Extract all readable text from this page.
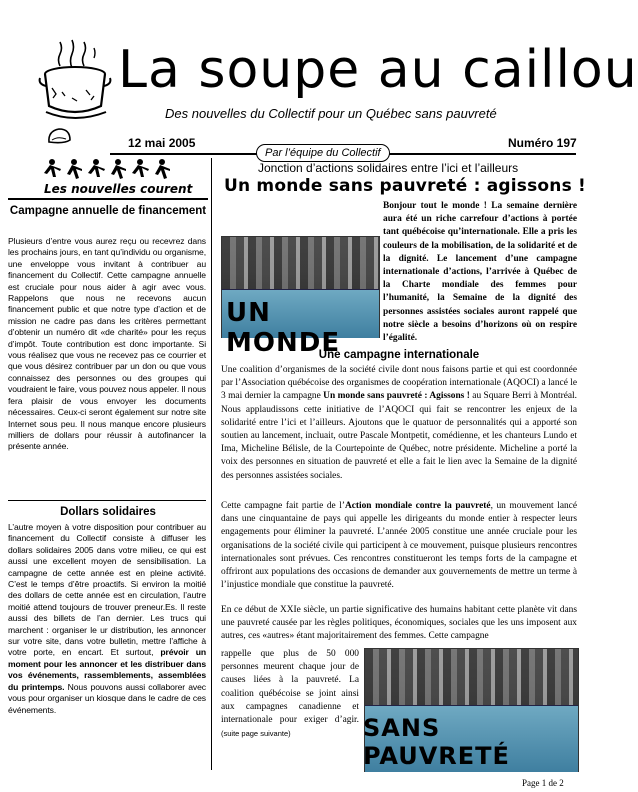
La soupe au caillou
Des nouvelles du Collectif pour un Québec sans pauvreté
12 mai 2005	Numéro 197
Par l’équipe du Collectif
Les nouvelles courent
Campagne annuelle de financement
Plusieurs d’entre vous aurez reçu ou recevrez dans les prochains jours, en tant qu’individu ou organisme, une enveloppe vous invitant à contribuer au financement du Collectif. Cette campagne annuelle est cruciale pour nous aider à agir avec vous. Rappelons que nous ne recevons aucun financement public et que notre type d’action et de mission ne cadre pas dans les critères permettant d’obtenir un numéro dit «de charité» pour les reçus d’impôt. Toute contribution est donc importante. Si vous réalisez que vous ne recevez pas ce courrier et que vous désirez contribuer par un don ou que vous connaissez des personnes ou des groupes qui voudraient le faire, vous pouvez nous appeler. Il nous fera plaisir de vous envoyer les documents nécessaires. Ceux-ci seront également sur notre site Internet sous peu. Il nous manque encore plusieurs milliers de dollars pour réussir à autofinancer la présente année.
Dollars solidaires
L’autre moyen à votre disposition pour contribuer au financement du Collectif consiste à diffuser les dollars solidaires 2005 dans votre milieu, ce qui est aussi une excellent moyen de sensibilisation. La campagne de cette année est en pleine activité. C’est le temps d’être proactifs. Si environ la moitié des dollars de cette année est en circulation, l’autre moitié attend toujours de trouver preneur.Es. Il reste aussi des billets de l’an dernier. Les trucs qui marchent : organiser le ur distribution, les annoncer sur votre site, dans votre bulletin, mettre l’affiche à votre porte, en encart. Et surtout, prévoir un moment pour les annoncer et les distribuer dans vos événements, rassemblements, assemblées du printemps. Nous pouvons aussi collaborer avec vous pour organiser un kiosque dans le cadre de ces événements.
Jonction d’actions solidaires entre l’ici et l’ailleurs
Un monde sans pauvreté : agissons !
UN MONDE
Bonjour tout le monde ! La semaine dernière aura été un riche carrefour d’actions à portée tant québécoise qu’internationale. Elle a pris les couleurs de la mobilisation, de la solidarité et de la dignité. Le lancement d’une campagne internationale d’actions, l’arrivée à Québec de la Charte mondiale des femmes pour l’humanité, la Semaine de la dignité des personnes assistées sociales auront rappelé que notre siècle a besoins d’horizons où on respire l’égalité.
Une campagne internationale
Une coalition d’organismes de la société civile dont nous faisons partie et qui est coordonnée par l’Association québécoise des organismes de coopération internationale (AQOCI) a lancé le 3 mai dernier la campagne Un monde sans pauvreté : Agissons ! au Square Berri à Montréal. Nous applaudissons cette initiative de l’AQOCI qui fait se rencontrer les enjeux de la solidarité entre l’ici et l’ailleurs. Ajoutons que le quatuor de personnalités qui a apporté son soutien au lancement, incluait, outre Pascale Montpetit, comédienne, et les chanteurs Lundo et Ima, Micheline Bélisle, de la Courtepointe de Québec, notre présidente. Micheline a porté la voix des personnes en situation de pauvreté et elle a fait le lien avec la Semaine de la dignité des personnes assistées sociales.
Cette campagne fait partie de l’Action mondiale contre la pauvreté, un mouvement lancé dans une cinquantaine de pays qui appelle les dirigeants du monde entier à respecter leurs engagements pour éliminer la pauvreté. L’année 2005 constitue une année cruciale pour les organisations de la société civile qui participent à ce mouvement, puisque plusieurs rencontres internationales sont prévues. Ces rencontres constitueront les temps forts de la campagne et offriront aux populations des occasions de demander aux gouvernements de mettre un terme à l’injustice mondiale que constitue la pauvreté.
En ce début de XXIe siècle, un partie significative des humains habitant cette planète vit dans une pauvreté causée par les règles politiques, économiques, sociales que les uns imposent aux autres, ces «autres» étant majoritairement des femmes. Cette campagne
rappelle que plus de 50 000 personnes meurent chaque jour de causes liées à la pauvreté. La coalition québécoise se joint ainsi aux campagnes canadienne et internationale pour exiger d’agir. (suite page suivante)	SANS PAUVRETÉ
Page 1 de 2
